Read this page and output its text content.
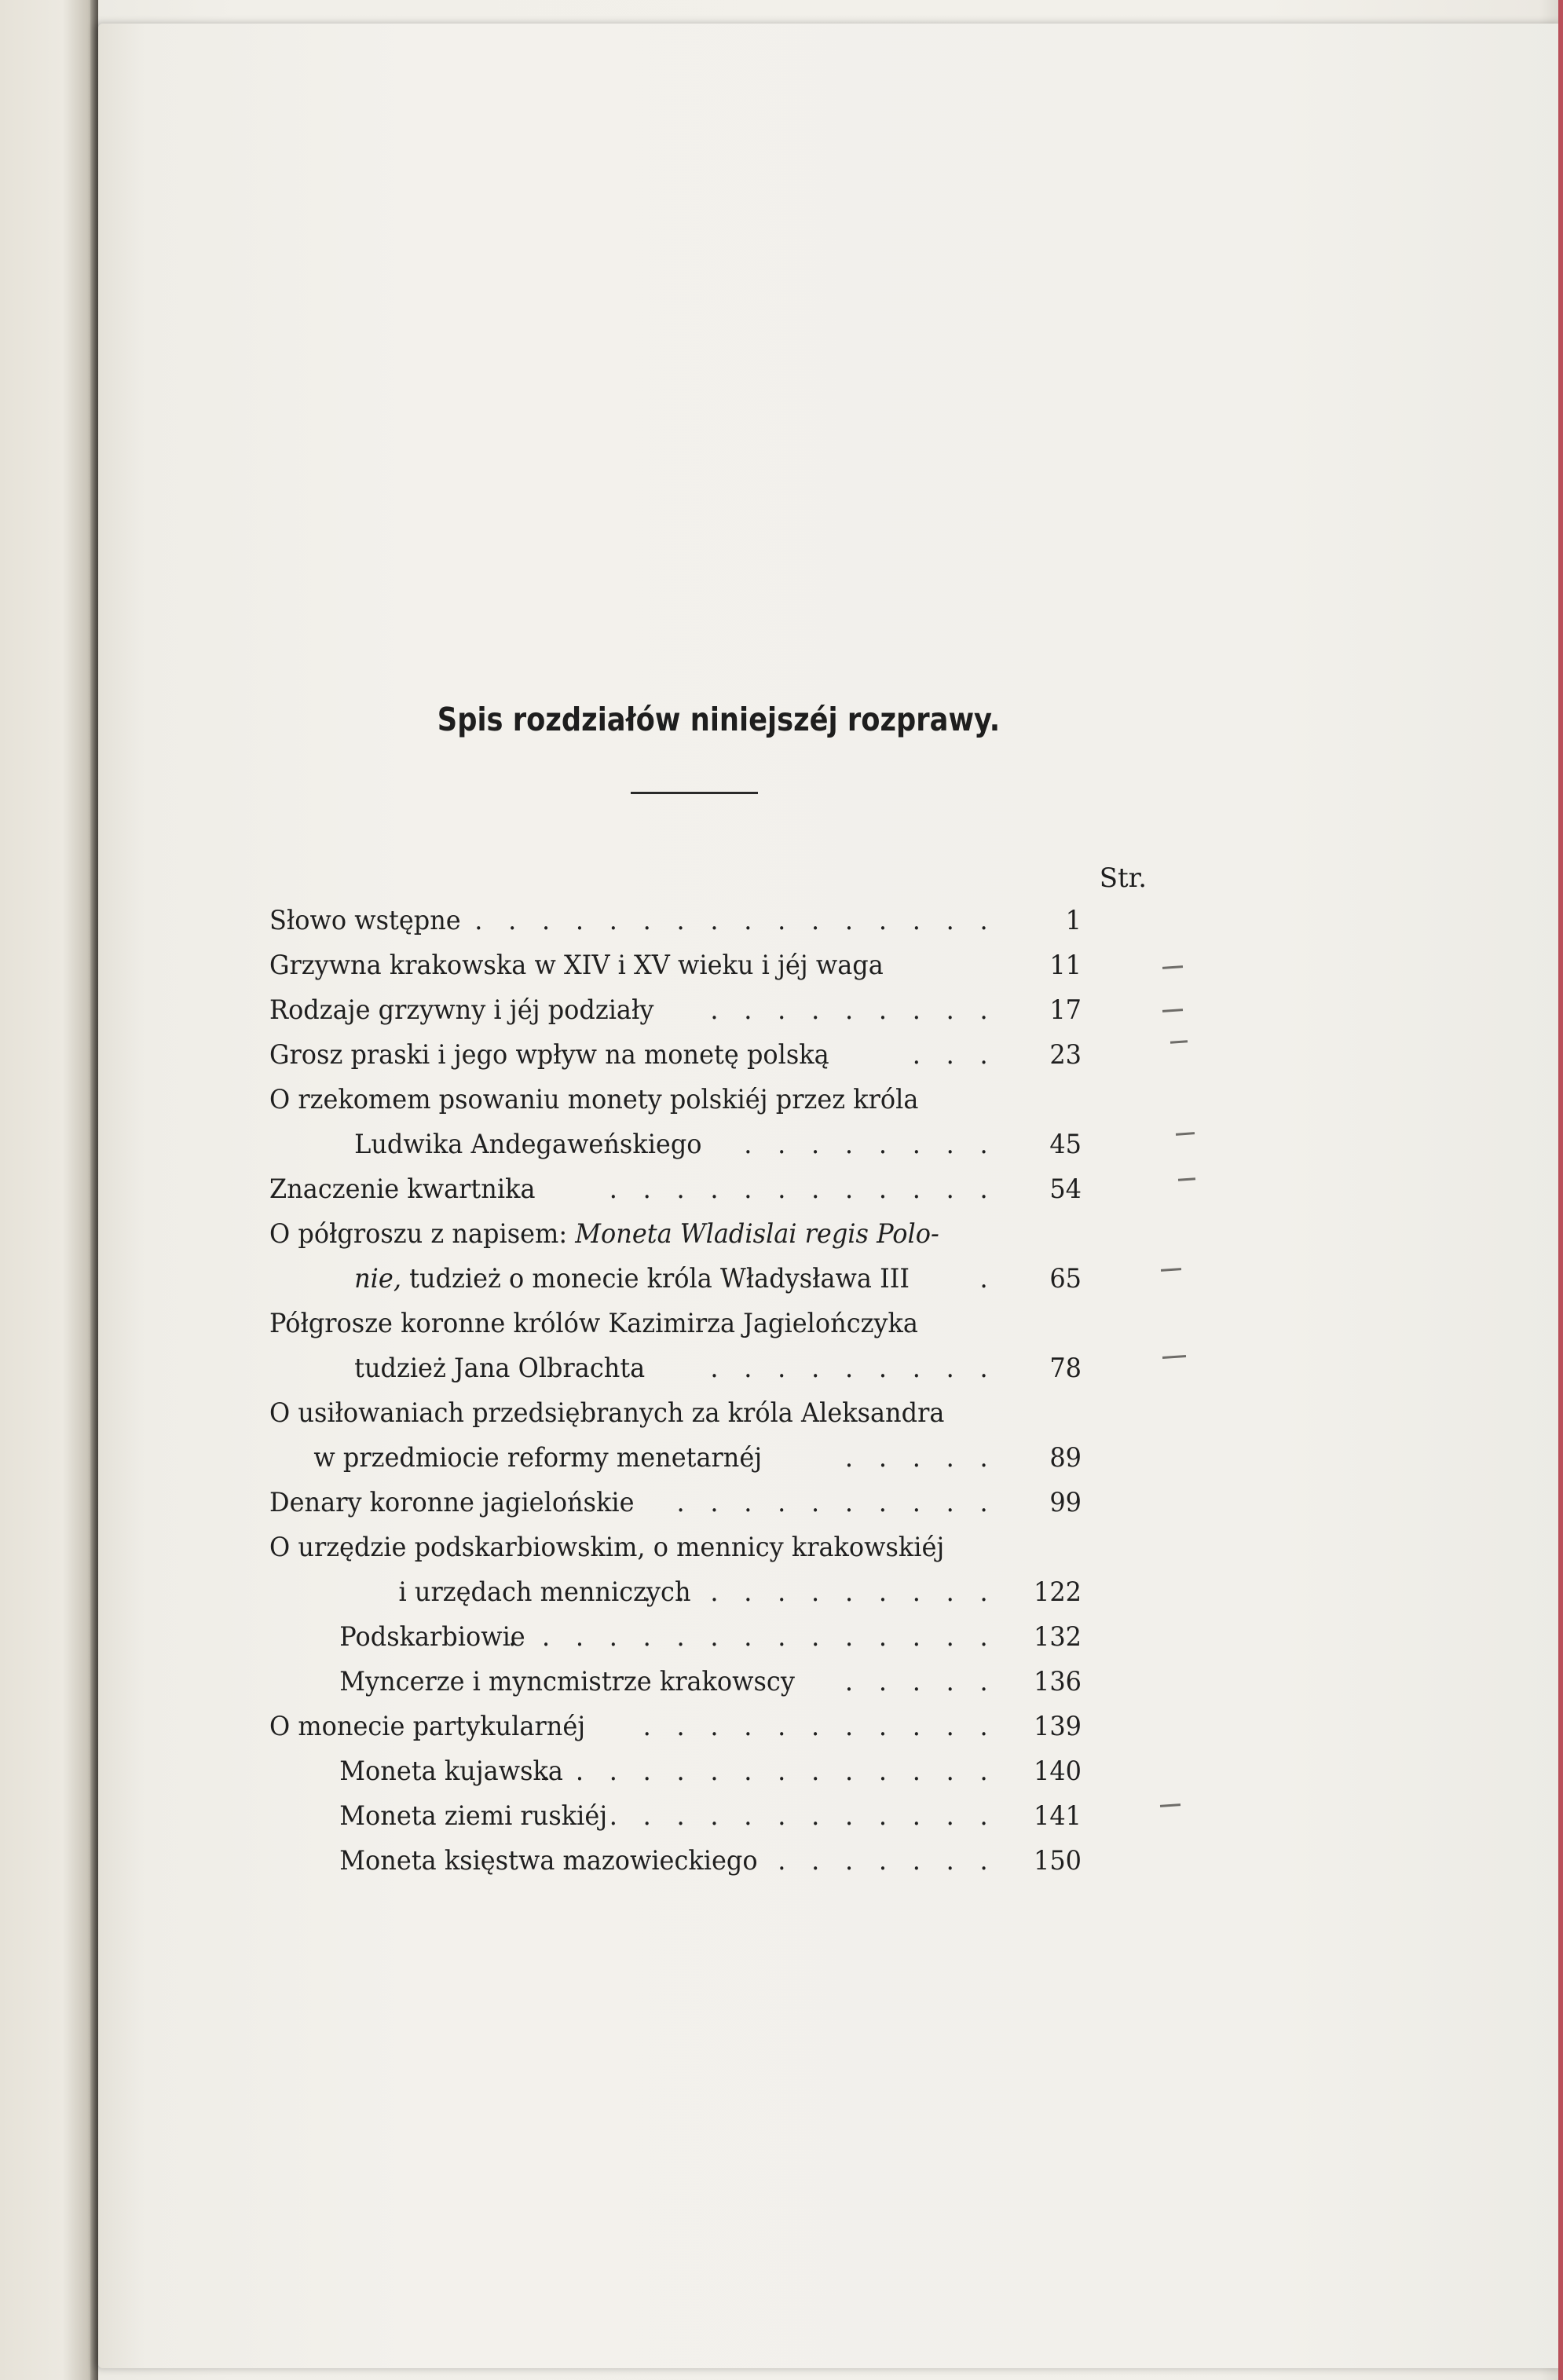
Spis rozdziałów niniejszéj rozprawy.
Str.
Słowo wstępne . . . . . . . . . . . . . . . .	1
Grzywna krakowska w XIV i XV wieku i jéj waga	11
Rodzaje grzywny i jéj podziały . . . . . . . . .	17
Grosz praski i jego wpływ na monetę polską	. . .	23
O rzekomem psowaniu monety polskiéj przez króla
Ludwika Andegaweńskiego . . . . . . . .	45
Znaczenie kwartnika	. . . . . . . . . . . .	54
O półgroszu z napisem: Moneta Wladislai regis Polo-
nie, tudzież o monecie króla Władysława III	.	65
Półgrosze koronne królów Kazimirza Jagielończyka
tudzież Jana Olbrachta . . . . . . . . .	78
O usiłowaniach przedsiębranych za króla Aleksandra
w przedmiocie reformy menetarnéj	. . . . .	89
Denary koronne jagielońskie . . . . . . . . . .	99
O urzędzie podskarbiowskim, o mennicy krakowskiéj
i urzędach menniczych
. . . . . . . . . . .	122
Podskarbiowie
. . . . . . . . . . . . . . .	132
Myncerze i myncmistrze krakowscy . . . . .	136
O monecie partykularnéj . . . . . . . . . . .	139
Moneta kujawska
. . . . . . . . . . . . . .	140
Moneta ziemi ruskiéj . . . . . . . . . . . .	141
Moneta księstwa mazowieckiego . . . . . . .	150
